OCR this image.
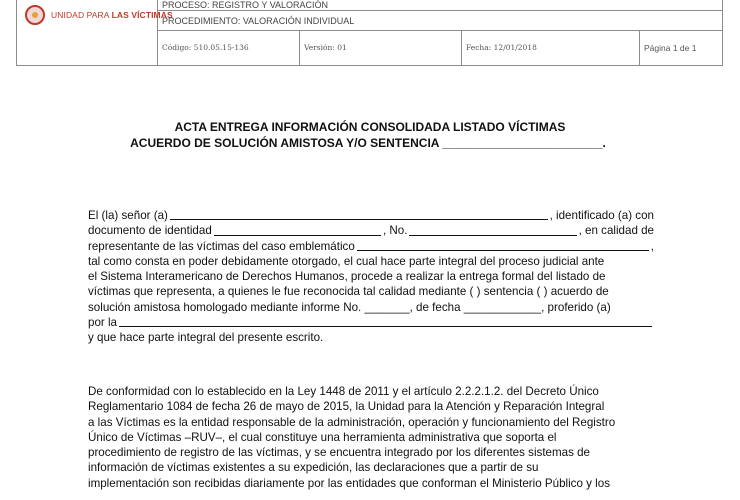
UNIDAD PARA LAS VÍCTIMAS
PROCESO: REGISTRO Y VALORACIÓN
PROCEDIMIENTO: VALORACIÓN INDIVIDUAL
Código: 510.05.15-136	Versión: 01	Fecha: 12/01/2018	Página 1 de 1
ACTA ENTREGA INFORMACIÓN CONSOLIDADA LISTADO VÍCTIMAS
ACUERDO DE SOLUCIÓN AMISTOSA Y/O SENTENCIA ________________________.
El (la) señor (a)	, identificado (a) con
documento de identidad	, No.	, en calidad de
representante de las víctimas del caso emblemático	,
tal como consta en poder debidamente otorgado, el cual hace parte integral del proceso judicial ante
el Sistema Interamericano de Derechos Humanos, procede a realizar la entrega formal del listado de
víctimas que representa, a quienes le fue reconocida tal calidad mediante ( ) sentencia ( ) acuerdo de
solución amistosa homologado mediante informe No. _______, de fecha ____________, proferido (a)
por la
y que hace parte integral del presente escrito.
De conformidad con lo establecido en la Ley 1448 de 2011 y el artículo 2.2.2.1.2. del Decreto Único
Reglamentario 1084 de fecha 26 de mayo de 2015, la Unidad para la Atención y Reparación Integral
a las Víctimas es la entidad responsable de la administración, operación y funcionamiento del Registro
Único de Víctimas –RUV–, el cual constituye una herramienta administrativa que soporta el
procedimiento de registro de las víctimas, y se encuentra integrado por los diferentes sistemas de
información de víctimas existentes a su expedición, las declaraciones que a partir de su
implementación son recibidas diariamente por las entidades que conforman el Ministerio Público y los
